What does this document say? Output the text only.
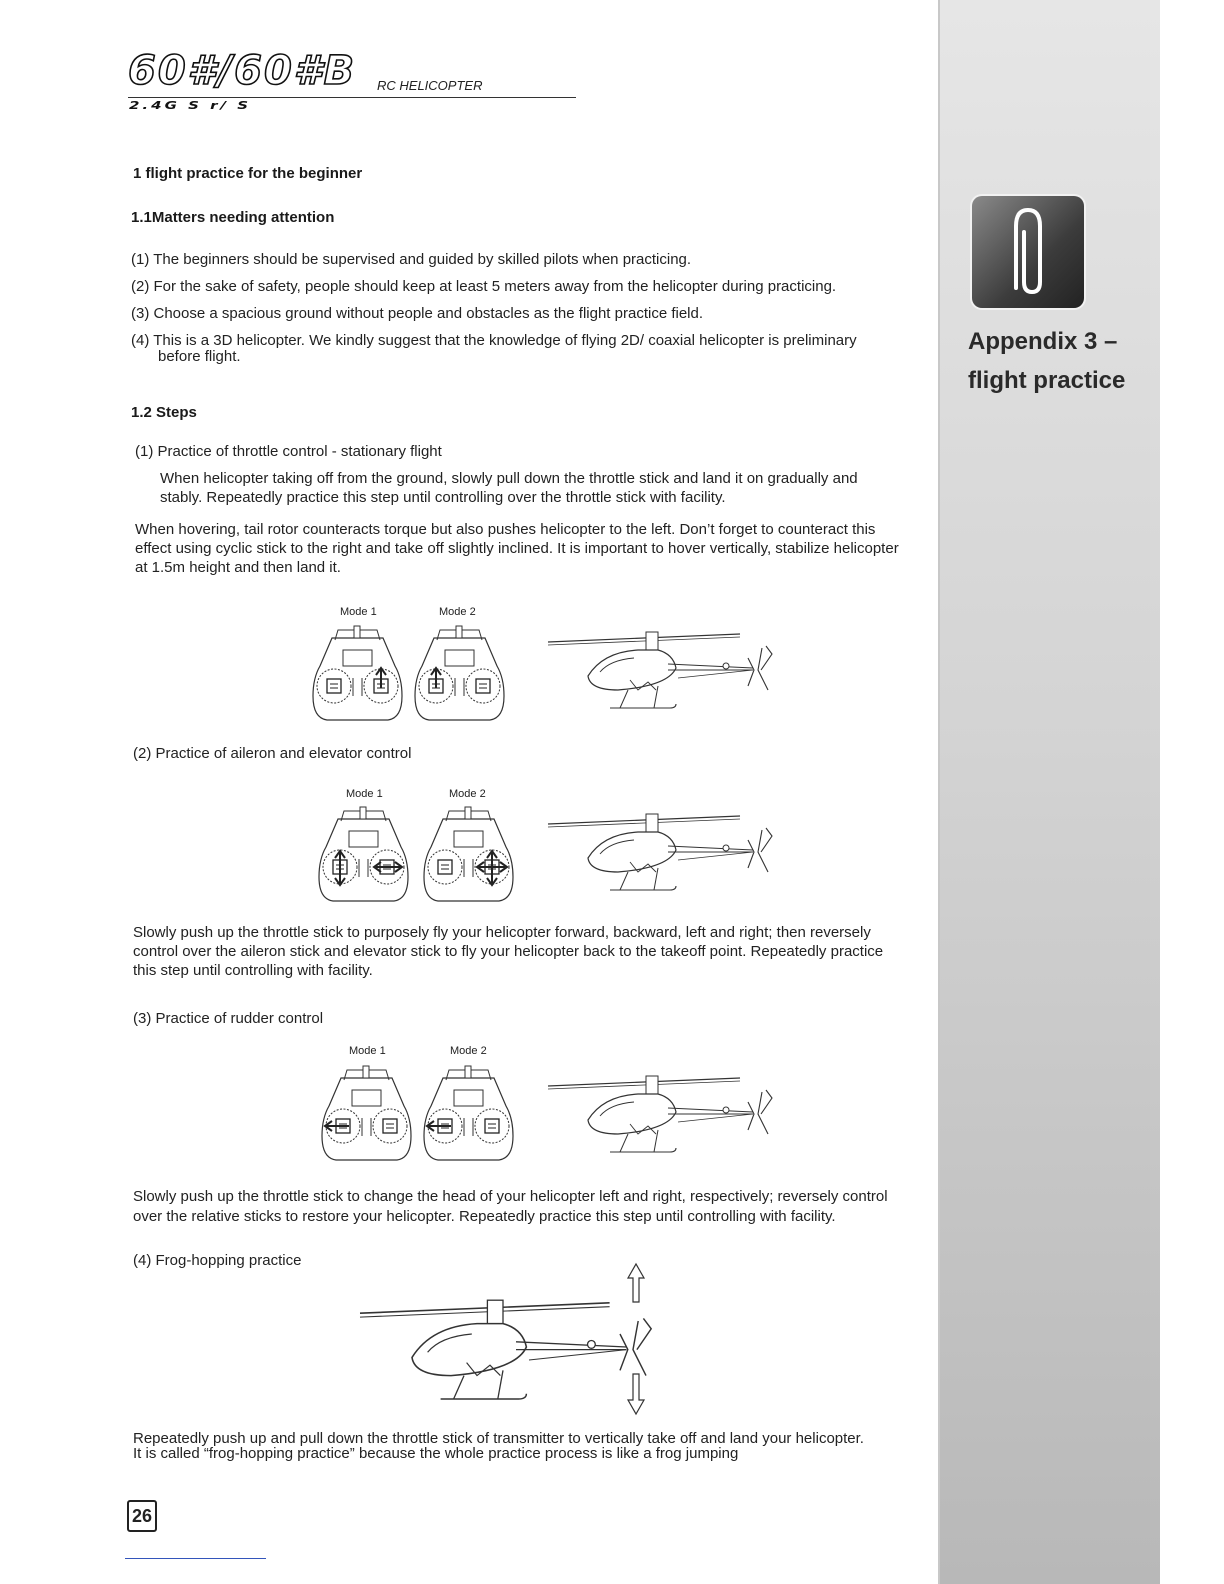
Appendix 3 –
flight practice
60#/60#B RC HELICOPTER
2.4G S r/ S
1 flight practice for the beginner
1.1Matters needing attention
(1) The beginners should be supervised and guided by skilled pilots when practicing.
(2) For the sake of safety, people should keep at least 5 meters away from the helicopter during practicing.
(3) Choose a spacious ground without people and obstacles as the flight practice field.
(4) This is a 3D helicopter. We kindly suggest that the knowledge of flying 2D/ coaxial helicopter is preliminary
before flight.
1.2 Steps
(1) Practice of throttle control - stationary flight
When helicopter taking off from the ground, slowly pull down the throttle stick and land it on gradually and
stably. Repeatedly practice this step until controlling over the throttle stick with facility.
When hovering, tail rotor counteracts torque but also pushes helicopter to the left. Don’t forget to counteract this
effect using cyclic stick to the right and take off slightly inclined. It is important to hover vertically, stabilize helicopter
at 1.5m height and then land it.
Mode 1	Mode 2
(2) Practice of aileron and elevator control
Mode 1	Mode 2
Slowly push up the throttle stick to purposely fly your helicopter forward, backward, left and right; then reversely
control over the aileron stick and elevator stick to fly your helicopter back to the takeoff point. Repeatedly practice
this step until controlling with facility.
(3) Practice of rudder control
Mode 1	Mode 2
Slowly push up the throttle stick to change the head of your helicopter left and right, respectively; reversely control
over the relative sticks to restore your helicopter. Repeatedly practice this step until controlling with facility.
(4) Frog-hopping practice
Repeatedly push up and pull down the throttle stick of transmitter to vertically take off and land your helicopter.
It is called “frog-hopping practice” because the whole practice process is like a frog jumping
26
